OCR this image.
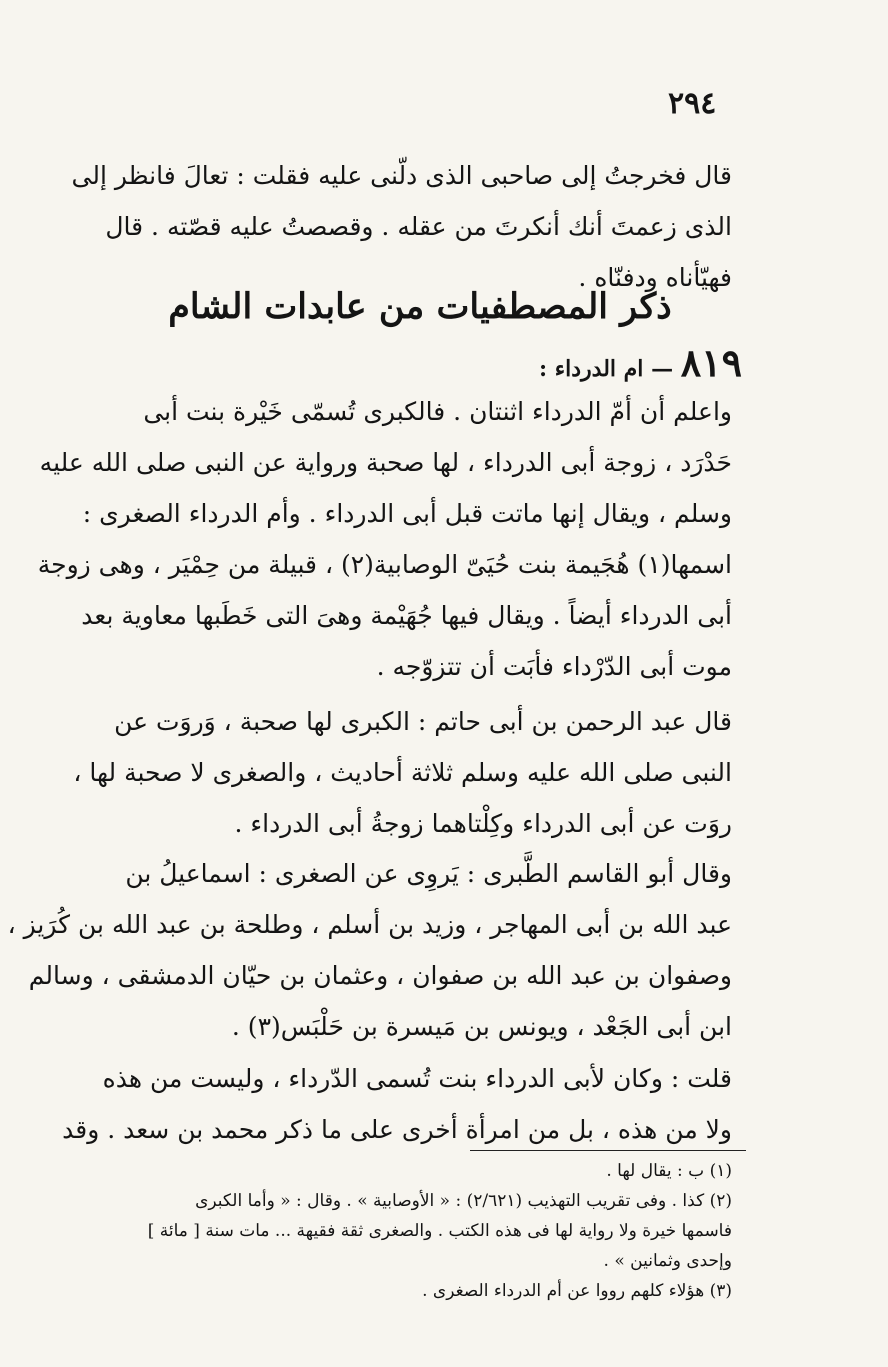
٢٩٤

قال فخرجتُ إلى صاحبى الذى دلّنى عليه فقلت : تعالَ فانظر إلى

الذى زعمتَ أنك أنكرتَ من عقله . وقصصتُ عليه قصّته . قال

فهيّأناه ودفنّاه .

ذكر المصطفيات من عابدات الشام
٨١٩ — ام الدرداء :

واعلم أن أمّ الدرداء اثنتان . فالكبرى تُسمّى خَيْرة بنت أبى

حَدْرَد ، زوجة أبى الدرداء ، لها صحبة ورواية عن النبى صلى الله عليه

وسلم ، ويقال إنها ماتت قبل أبى الدرداء . وأم الدرداء الصغرى :

اسمها(١) هُجَيمة بنت حُيَىّ الوصابية(٢) ، قبيلة من حِمْيَر ، وهى زوجة

أبى الدرداء أيضاً . ويقال فيها جُهَيْمة وهىَ التى خَطَبها معاوية بعد

موت أبى الدّرْداء فأبَت أن تتزوّجه .

قال عبد الرحمن بن أبى حاتم : الكبرى لها صحبة ، وَروَت عن

النبى صلى الله عليه وسلم ثلاثة أحاديث ، والصغرى لا صحبة لها ،

روَت عن أبى الدرداء وكِلْتاهما زوجةُ أبى الدرداء .

وقال أبو القاسم الطَّبرى : يَروِى عن الصغرى : اسماعيلُ بن

عبد الله بن أبى المهاجر ، وزيد بن أسلم ، وطلحة بن عبد الله بن كُرَيز ،

وصفوان بن عبد الله بن صفوان ، وعثمان بن حيّان الدمشقى ، وسالم

ابن أبى الجَعْد ، ويونس بن مَيسرة بن حَلْبَس(٣) .

قلت : وكان لأبى الدرداء بنت تُسمى الدّرداء ، وليست من هذه

ولا من هذه ، بل من امرأة أخرى على ما ذكر محمد بن سعد . وقد

(١) ب : يقال لها .
(٢) كذا . وفى تقريب التهذيب (٢/٦٢١) : « الأوصابية » . وقال : « وأما الكبرى
فاسمها خيرة ولا رواية لها فى هذه الكتب . والصغرى ثقة فقيهة ... مات سنة [ مائة ]
وإحدى وثمانين » .
(٣) هؤلاء كلهم رووا عن أم الدرداء الصغرى .
